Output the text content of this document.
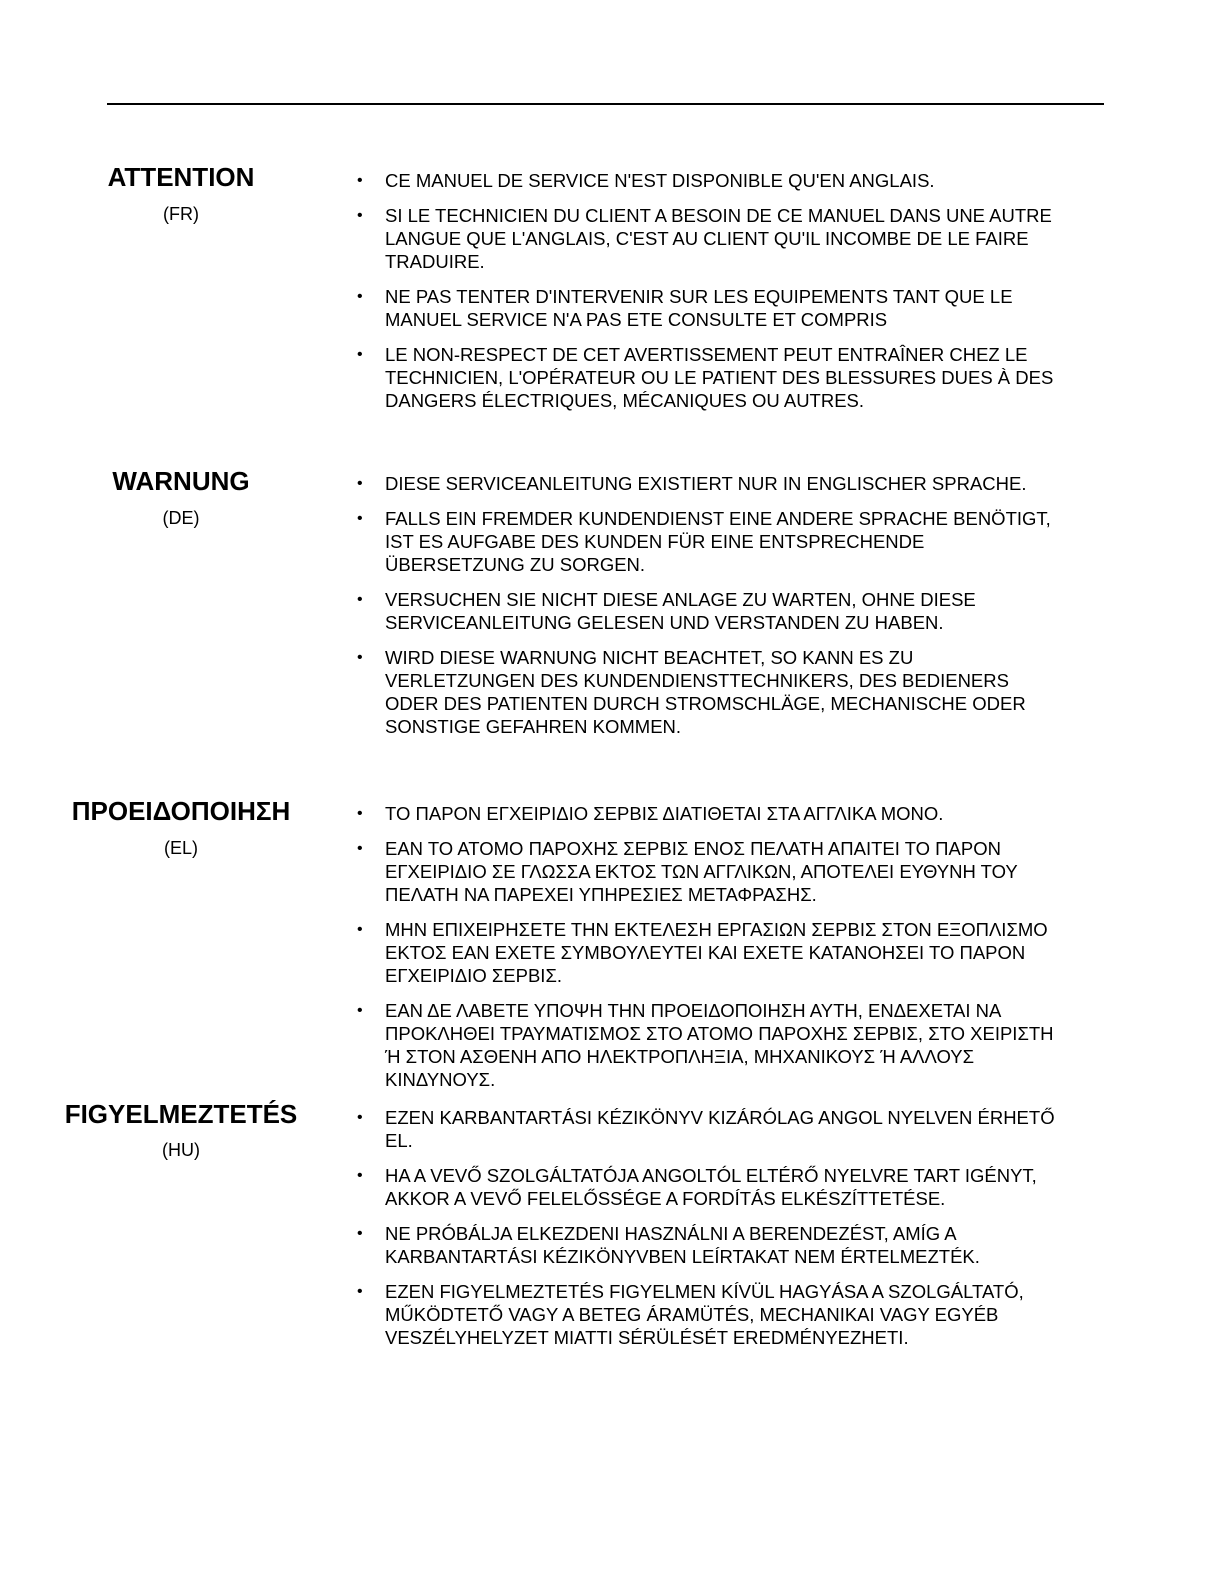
ATTENTION
(FR)
• CE MANUEL DE SERVICE N'EST DISPONIBLE QU'EN ANGLAIS.
• SI LE TECHNICIEN DU CLIENT A BESOIN DE CE MANUEL DANS UNE AUTRE LANGUE QUE L'ANGLAIS, C'EST AU CLIENT QU'IL INCOMBE DE LE FAIRE TRADUIRE.
• NE PAS TENTER D'INTERVENIR SUR LES EQUIPEMENTS TANT QUE LE MANUEL SERVICE N'A PAS ETE CONSULTE ET COMPRIS
• LE NON-RESPECT DE CET AVERTISSEMENT PEUT ENTRAÎNER CHEZ LE TECHNICIEN, L'OPÉRATEUR OU LE PATIENT DES BLESSURES DUES À DES DANGERS ÉLECTRIQUES, MÉCANIQUES OU AUTRES.
WARNUNG
(DE)
• DIESE SERVICEANLEITUNG EXISTIERT NUR IN ENGLISCHER SPRACHE.
• FALLS EIN FREMDER KUNDENDIENST EINE ANDERE SPRACHE BENÖTIGT, IST ES AUFGABE DES KUNDEN FÜR EINE ENTSPRECHENDE ÜBERSETZUNG ZU SORGEN.
• VERSUCHEN SIE NICHT DIESE ANLAGE ZU WARTEN, OHNE DIESE SERVICEANLEITUNG GELESEN UND VERSTANDEN ZU HABEN.
• WIRD DIESE WARNUNG NICHT BEACHTET, SO KANN ES ZU VERLETZUNGEN DES KUNDENDIENSTTECHNIKERS, DES BEDIENERS ODER DES PATIENTEN DURCH STROMSCHLÄGE, MECHANISCHE ODER SONSTIGE GEFAHREN KOMMEN.
ΠΡΟΕΙΔΟΠΟΙΗΣΗ
(EL)
• ΤΟ ΠΑΡΟΝ ΕΓΧΕΙΡΙΔΙΟ ΣΕΡΒΙΣ ΔΙΑΤΙΘΕΤΑΙ ΣΤΑ ΑΓΓΛΙΚΑ ΜΟΝΟ.
• ΕΑΝ ΤΟ ΑΤΟΜΟ ΠΑΡΟΧΗΣ ΣΕΡΒΙΣ ΕΝΟΣ ΠΕΛΑΤΗ ΑΠΑΙΤΕΙ ΤΟ ΠΑΡΟΝ ΕΓΧΕΙΡΙΔΙΟ ΣΕ ΓΛΩΣΣΑ ΕΚΤΟΣ ΤΩΝ ΑΓΓΛΙΚΩΝ, ΑΠΟΤΕΛΕΙ ΕΥΘΥΝΗ ΤΟΥ ΠΕΛΑΤΗ ΝΑ ΠΑΡΕΧΕΙ ΥΠΗΡΕΣΙΕΣ ΜΕΤΑΦΡΑΣΗΣ.
• ΜΗΝ ΕΠΙΧΕΙΡΗΣΕΤΕ ΤΗΝ ΕΚΤΕΛΕΣΗ ΕΡΓΑΣΙΩΝ ΣΕΡΒΙΣ ΣΤΟΝ ΕΞΟΠΛΙΣΜΟ ΕΚΤΟΣ ΕΑΝ ΕΧΕΤΕ ΣΥΜΒΟΥΛΕΥΤΕΙ ΚΑΙ ΕΧΕΤΕ ΚΑΤΑΝΟΗΣΕΙ ΤΟ ΠΑΡΟΝ ΕΓΧΕΙΡΙΔΙΟ ΣΕΡΒΙΣ.
• ΕΑΝ ΔΕ ΛΑΒΕΤΕ ΥΠΟΨΗ ΤΗΝ ΠΡΟΕΙΔΟΠΟΙΗΣΗ ΑΥΤΗ, ΕΝΔΕΧΕΤΑΙ ΝΑ ΠΡΟΚΛΗΘΕΙ ΤΡΑΥΜΑΤΙΣΜΟΣ ΣΤΟ ΑΤΟΜΟ ΠΑΡΟΧΗΣ ΣΕΡΒΙΣ, ΣΤΟ ΧΕΙΡΙΣΤΗ Ή ΣΤΟΝ ΑΣΘΕΝΗ ΑΠΟ ΗΛΕΚΤΡΟΠΛΗΞΙΑ, ΜΗΧΑΝΙΚΟΥΣ Ή ΑΛΛΟΥΣ ΚΙΝΔΥΝΟΥΣ.
FIGYELMEZTETÉS
(HU)
• EZEN KARBANTARTÁSI KÉZIKÖNYV KIZÁRÓLAG ANGOL NYELVEN ÉRHETŐ EL.
• HA A VEVŐ SZOLGÁLTATÓJA ANGOLTÓL ELTÉRŐ NYELVRE TART IGÉNYT, AKKOR A VEVŐ FELELŐSSÉGE A FORDÍTÁS ELKÉSZÍTTETÉSE.
• NE PRÓBÁLJA ELKEZDENI HASZNÁLNI A BERENDEZÉST, AMÍG A KARBANTARTÁSI KÉZIKÖNYVBEN LEÍRTAKAT NEM ÉRTELMEZTÉK.
• EZEN FIGYELMEZTETÉS FIGYELMEN KÍVÜL HAGYÁSA A SZOLGÁLTATÓ, MŰKÖDTETŐ VAGY A BETEG ÁRAMÜTÉS, MECHANIKAI VAGY EGYÉB VESZÉLYHELYZET MIATTI SÉRÜLÉSÉT EREDMÉNYEZHETI.
